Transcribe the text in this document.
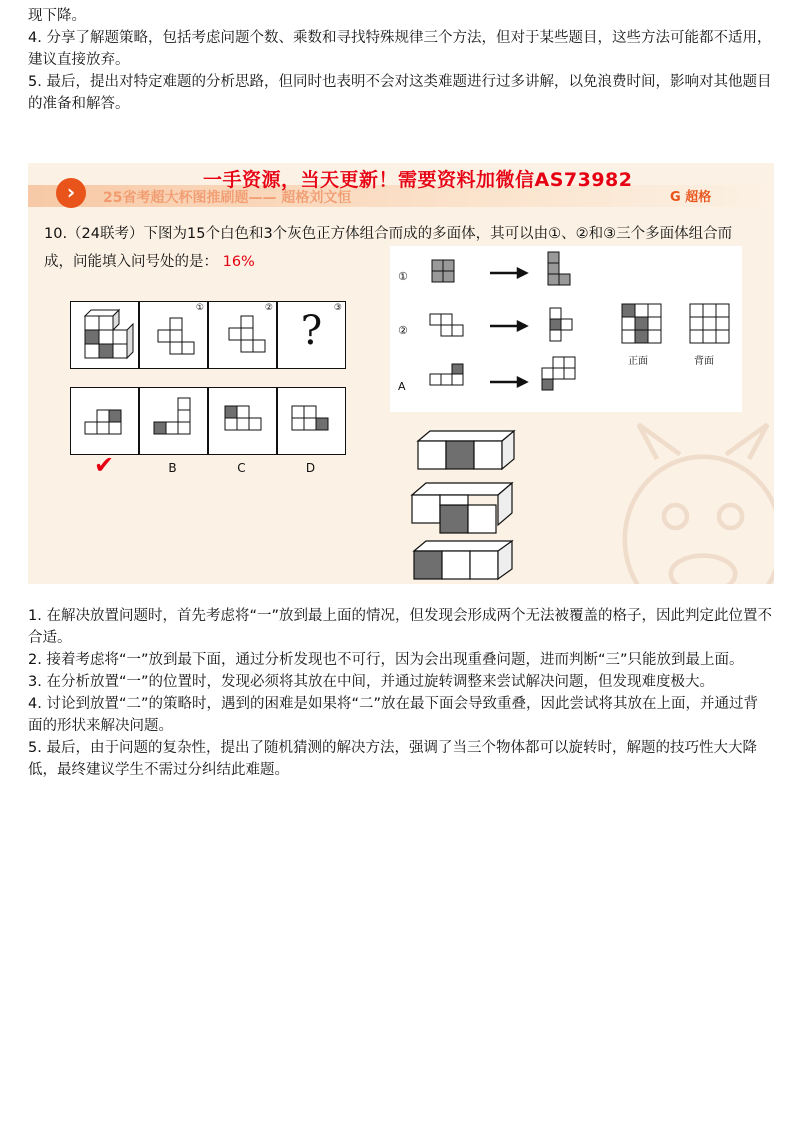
现下降。

4. 分享了解题策略，包括考虑问题个数、乘数和寻找特殊规律三个方法，但对于某些题目，这些方法可能都不适用，建议直接放弃。

5. 最后，提出对特定难题的分析思路，但同时也表明不会对这类难题进行过多讲解，以免浪费时间，影响对其他题目的准备和解答。

›	25省考超大杯图推刷题—— 超格刘文恒
一手资源，当天更新！需要资料加微信AS73982
G 超格
10.（24联考）下图为15个白色和3个灰色正方体组合而成的多面体，其可以由①、②和③三个多面体组合而成，问能填入问号处的是： 16%
①	②	③
?
✔	B	C	D
①
②
A
正面	背面

1. 在解决放置问题时，首先考虑将“一”放到最上面的情况，但发现会形成两个无法被覆盖的格子，因此判定此位置不合适。

2. 接着考虑将“一”放到最下面，通过分析发现也不可行，因为会出现重叠问题，进而判断“三”只能放到最上面。

3. 在分析放置“一”的位置时，发现必须将其放在中间，并通过旋转调整来尝试解决问题，但发现难度极大。

4. 讨论到放置“二”的策略时，遇到的困难是如果将“二”放在最下面会导致重叠，因此尝试将其放在上面，并通过背面的形状来解决问题。

5. 最后，由于问题的复杂性，提出了随机猜测的解决方法，强调了当三个物体都可以旋转时，解题的技巧性大大降低，最终建议学生不需过分纠结此难题。
